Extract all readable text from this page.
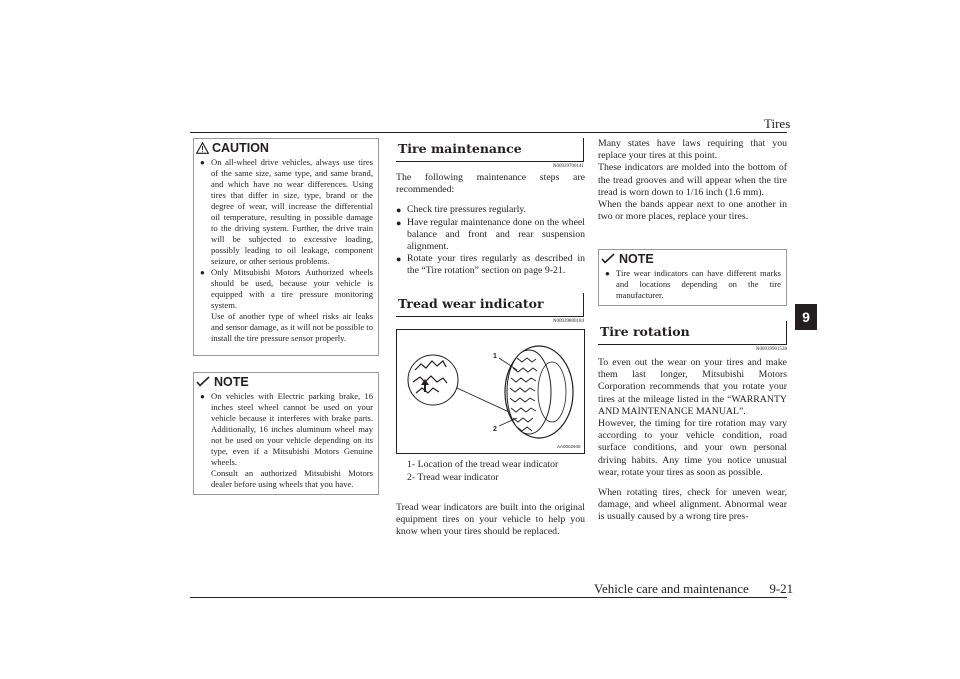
Tires
9
CAUTION

● On all-wheel drive vehicles, always use tires of the same size, same type, and same brand, and which have no wear differences. Using tires that differ in size, type, brand or the degree of wear, will increase the differential oil temperature, resulting in possible damage to the driving system. Further, the drive train will be subjected to excessive loading, possibly leading to oil leakage, component seizure, or other serious problems.

● Only Mitsubishi Motors Authorized wheels should be used, because your vehicle is equipped with a tire pressure monitoring system.

Use of another type of wheel risks air leaks and sensor damage, as it will not be possible to install the tire pressure sensor properly.

NOTE

● On vehicles with Electric parking brake, 16 inches steel wheel cannot be used on your vehicle because it interferes with brake parts. Additionally, 16 inches aluminum wheel may not be used on your vehicle depending on its type, even if a Mitsubishi Motors Genuine wheels.

Consult an authorized Mitsubishi Motors dealer before using wheels that you have.

Tire maintenance
N00939700141

The following maintenance steps are recommended:

● Check tire pressures regularly.

● Have regular maintenance done on the wheel balance and front and rear suspension alignment.

● Rotate your tires regularly as described in the “Tire rotation” section on page 9-21.

Tread wear indicator
N00939800184
1
2
AA0002940
1- Location of the tread wear indicator
2- Tread wear indicator
Tread wear indicators are built into the original equipment tires on your vehicle to help you know when your tires should be replaced.

Many states have laws requiring that you replace your tires at this point.

These indicators are molded into the bottom of the tread grooves and will appear when the tire tread is worn down to 1/16 inch (1.6 mm).

When the bands appear next to one another in two or more places, replace your tires.

NOTE

● Tire wear indicators can have different marks and locations depending on the tire manufacturer.

Tire rotation
N00939901528

To even out the wear on your tires and make them last longer, Mitsubishi Motors Corporation recommends that you rotate your tires at the mileage listed in the “WARRANTY AND MAINTENANCE MANUAL”.

However, the timing for tire rotation may vary according to your vehicle condition, road surface conditions, and your own personal driving habits. Any time you notice unusual wear, rotate your tires as soon as possible.

When rotating tires, check for uneven wear, damage, and wheel alignment. Abnormal wear is usually caused by a wrong tire pres-

Vehicle care and maintenance 9-21
